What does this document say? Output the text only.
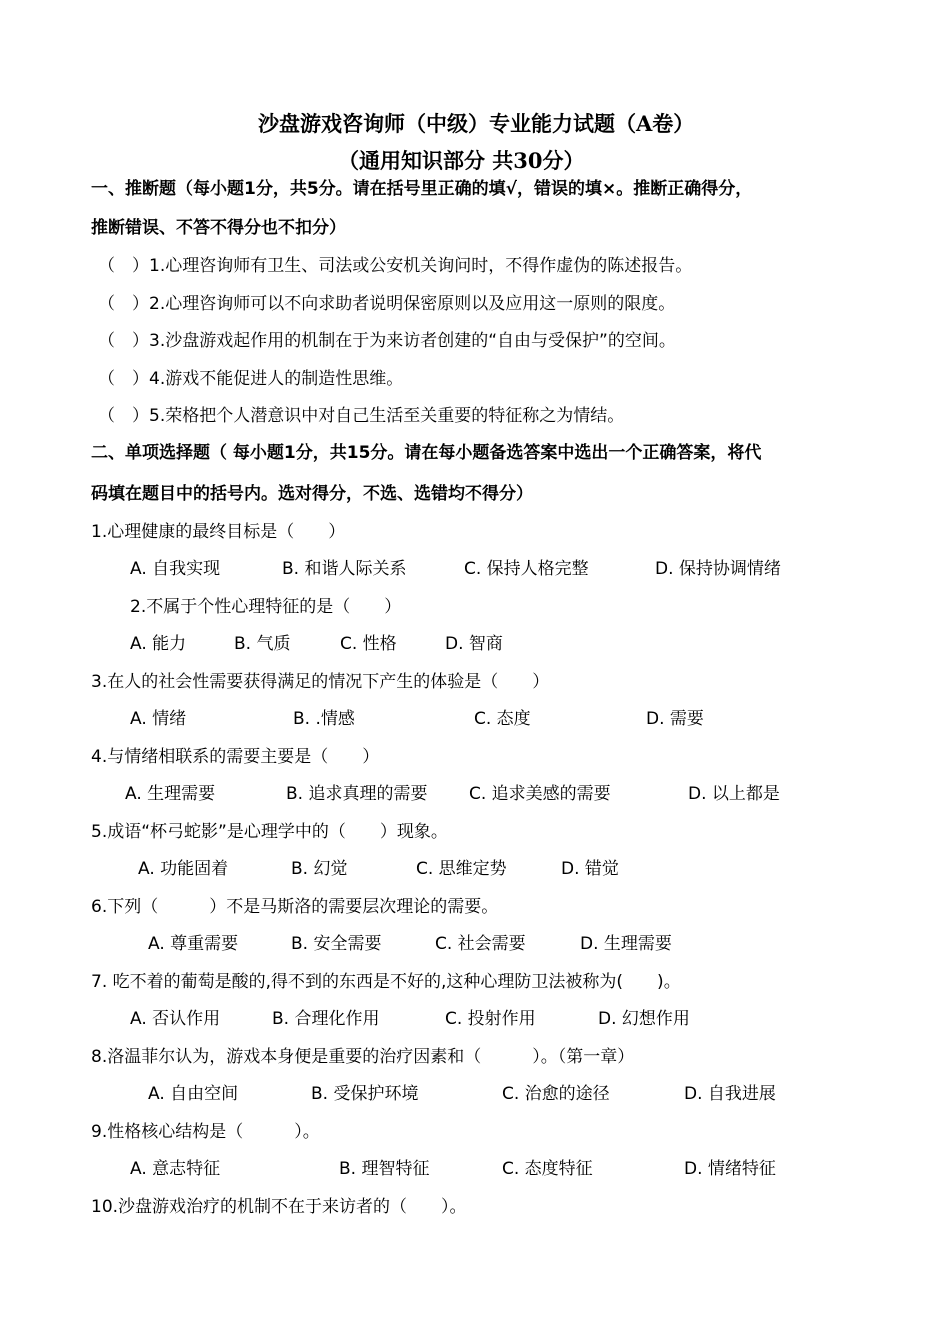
沙盘游戏咨询师（中级）专业能力试题（A卷）
（通用知识部分 共30分）
一、推断题（每小题1分，共5分。请在括号里正确的填√，错误的填×。推断正确得分，
推断错误、不答不得分也不扣分）
（　）1.心理咨询师有卫生、司法或公安机关询问时，不得作虚伪的陈述报告。
（　）2.心理咨询师可以不向求助者说明保密原则以及应用这一原则的限度。
（　）3.沙盘游戏起作用的机制在于为来访者创建的“自由与受保护”的空间。
（　）4.游戏不能促进人的制造性思维。
（　）5.荣格把个人潜意识中对自己生活至关重要的特征称之为情结。
二、单项选择题（ 每小题1分，共15分。请在每小题备选答案中选出一个正确答案，将代
码填在题目中的括号内。选对得分，不选、选错均不得分）
1.心理健康的最终目标是（　　）
A. 自我实现	B. 和谐人际关系	C. 保持人格完整	D. 保持协调情绪
2.不属于个性心理特征的是（　　）
A. 能力	B. 气质	C. 性格	D. 智商
3.在人的社会性需要获得满足的情况下产生的体验是（　　）
A. 情绪	B. .情感	C. 态度	D. 需要
4.与情绪相联系的需要主要是（　　）
A. 生理需要	B. 追求真理的需要 C. 追求美感的需要	D. 以上都是
5.成语“杯弓蛇影”是心理学中的（　　）现象。
A. 功能固着	B. 幻觉	C. 思维定势	D. 错觉
6.下列（　　　）不是马斯洛的需要层次理论的需要。
A. 尊重需要	B. 安全需要	C. 社会需要	D. 生理需要
7. 吃不着的葡萄是酸的,得不到的东西是不好的,这种心理防卫法被称为(　　)。
A. 否认作用	B. 合理化作用	C. 投射作用	D. 幻想作用
8.洛温菲尔认为，游戏本身便是重要的治疗因素和（　　　）。（第一章）
A. 自由空间	B. 受保护环境	C. 治愈的途径	D. 自我进展
9.性格核心结构是（　　　）。
A. 意志特征	B. 理智特征	C. 态度特征	D. 情绪特征
10.沙盘游戏治疗的机制不在于来访者的（　　）。
